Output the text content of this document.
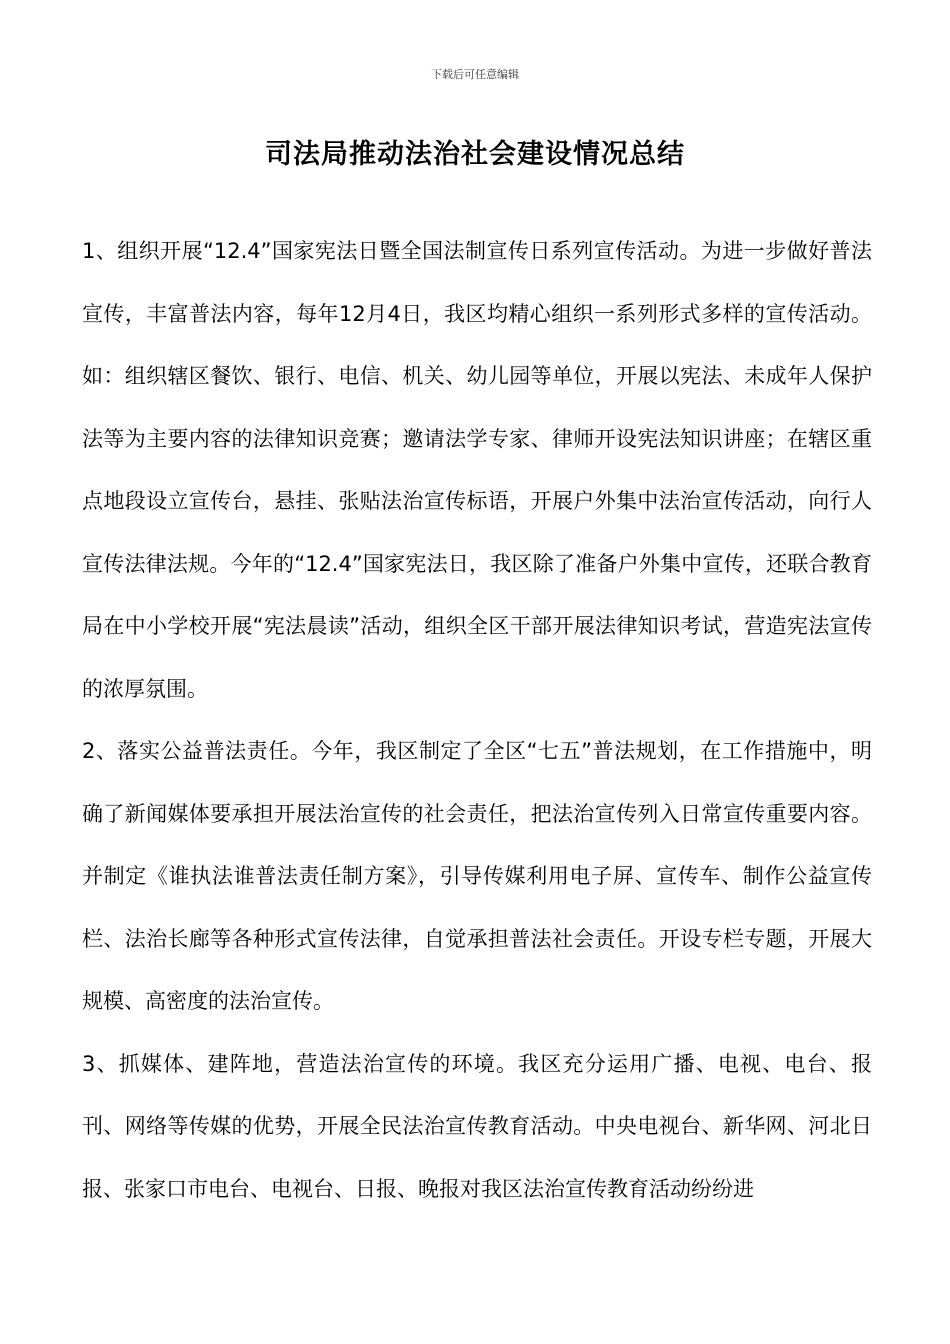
下载后可任意编辑
司法局推动法治社会建设情况总结

1、组织开展“12.4”国家宪法日暨全国法制宣传日系列宣传活动。为进一步做好普法宣传，丰富普法内容，每年12月4日，我区均精心组织一系列形式多样的宣传活动。如：组织辖区餐饮、银行、电信、机关、幼儿园等单位，开展以宪法、未成年人保护法等为主要内容的法律知识竞赛；邀请法学专家、律师开设宪法知识讲座；在辖区重点地段设立宣传台，悬挂、张贴法治宣传标语，开展户外集中法治宣传活动，向行人宣传法律法规。今年的“12.4”国家宪法日，我区除了准备户外集中宣传，还联合教育局在中小学校开展“宪法晨读”活动，组织全区干部开展法律知识考试，营造宪法宣传的浓厚氛围。

2、落实公益普法责任。今年，我区制定了全区“七五”普法规划，在工作措施中，明确了新闻媒体要承担开展法治宣传的社会责任，把法治宣传列入日常宣传重要内容。并制定《谁执法谁普法责任制方案》，引导传媒利用电子屏、宣传车、制作公益宣传栏、法治长廊等各种形式宣传法律，自觉承担普法社会责任。开设专栏专题，开展大规模、高密度的法治宣传。

3、抓媒体、建阵地，营造法治宣传的环境。我区充分运用广播、电视、电台、报刊、网络等传媒的优势，开展全民法治宣传教育活动。中央电视台、新华网、河北日报、张家口市电台、电视台、日报、晚报对我区法治宣传教育活动纷纷进
